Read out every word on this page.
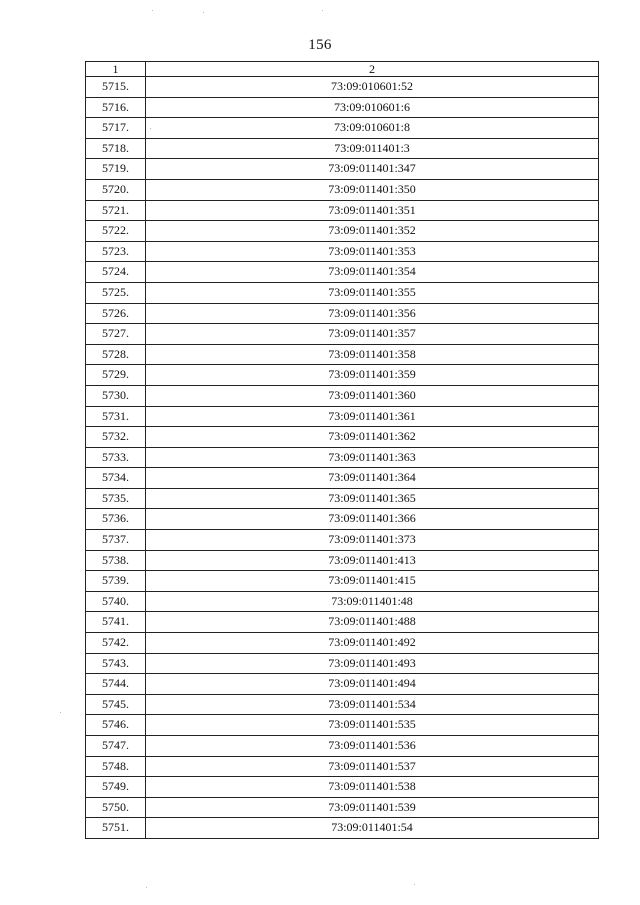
156
1	2
5715.	73:09:010601:52
5716.	73:09:010601:6
5717.	73:09:010601:8
5718.	73:09:011401:3
5719.	73:09:011401:347
5720.	73:09:011401:350
5721.	73:09:011401:351
5722.	73:09:011401:352
5723.	73:09:011401:353
5724.	73:09:011401:354
5725.	73:09:011401:355
5726.	73:09:011401:356
5727.	73:09:011401:357
5728.	73:09:011401:358
5729.	73:09:011401:359
5730.	73:09:011401:360
5731.	73:09:011401:361
5732.	73:09:011401:362
5733.	73:09:011401:363
5734.	73:09:011401:364
5735.	73:09:011401:365
5736.	73:09:011401:366
5737.	73:09:011401:373
5738.	73:09:011401:413
5739.	73:09:011401:415
5740.	73:09:011401:48
5741.	73:09:011401:488
5742.	73:09:011401:492
5743.	73:09:011401:493
5744.	73:09:011401:494
5745.	73:09:011401:534
5746.	73:09:011401:535
5747.	73:09:011401:536
5748.	73:09:011401:537
5749.	73:09:011401:538
5750.	73:09:011401:539
5751.	73:09:011401:54
